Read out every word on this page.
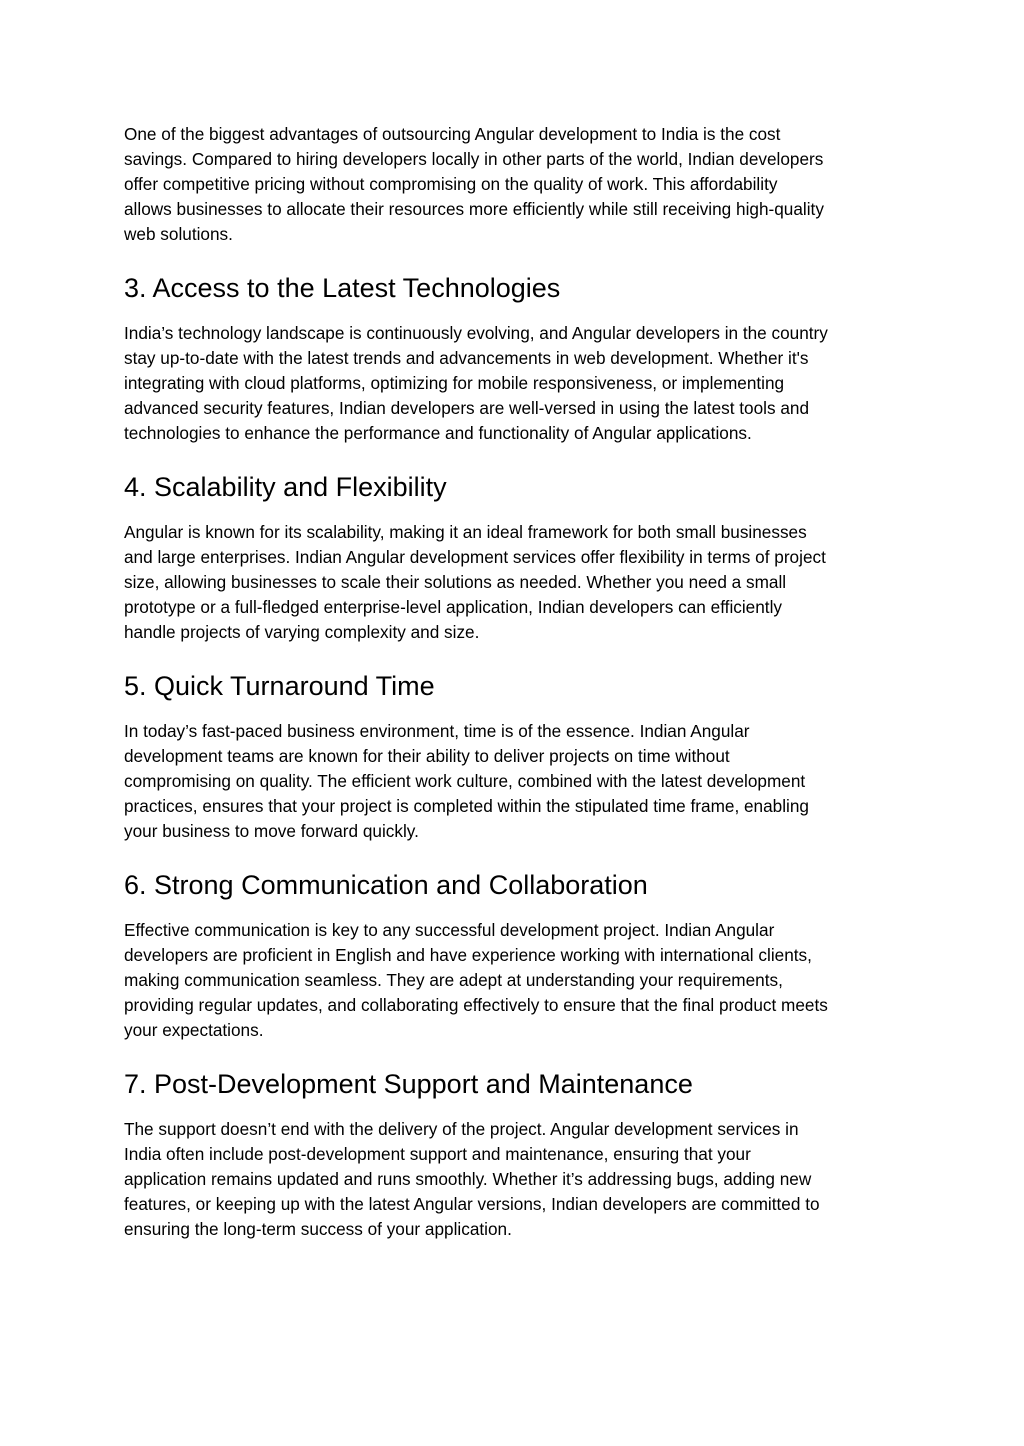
One of the biggest advantages of outsourcing Angular development to India is the cost
savings. Compared to hiring developers locally in other parts of the world, Indian developers
offer competitive pricing without compromising on the quality of work. This affordability
allows businesses to allocate their resources more efficiently while still receiving high-quality
web solutions.

3. Access to the Latest Technologies

India’s technology landscape is continuously evolving, and Angular developers in the country
stay up-to-date with the latest trends and advancements in web development. Whether it's
integrating with cloud platforms, optimizing for mobile responsiveness, or implementing
advanced security features, Indian developers are well-versed in using the latest tools and
technologies to enhance the performance and functionality of Angular applications.

4. Scalability and Flexibility

Angular is known for its scalability, making it an ideal framework for both small businesses
and large enterprises. Indian Angular development services offer flexibility in terms of project
size, allowing businesses to scale their solutions as needed. Whether you need a small
prototype or a full-fledged enterprise-level application, Indian developers can efficiently
handle projects of varying complexity and size.

5. Quick Turnaround Time

In today’s fast-paced business environment, time is of the essence. Indian Angular
development teams are known for their ability to deliver projects on time without
compromising on quality. The efficient work culture, combined with the latest development
practices, ensures that your project is completed within the stipulated time frame, enabling
your business to move forward quickly.

6. Strong Communication and Collaboration

Effective communication is key to any successful development project. Indian Angular
developers are proficient in English and have experience working with international clients,
making communication seamless. They are adept at understanding your requirements,
providing regular updates, and collaborating effectively to ensure that the final product meets
your expectations.

7. Post-Development Support and Maintenance

The support doesn’t end with the delivery of the project. Angular development services in
India often include post-development support and maintenance, ensuring that your
application remains updated and runs smoothly. Whether it’s addressing bugs, adding new
features, or keeping up with the latest Angular versions, Indian developers are committed to
ensuring the long-term success of your application.
